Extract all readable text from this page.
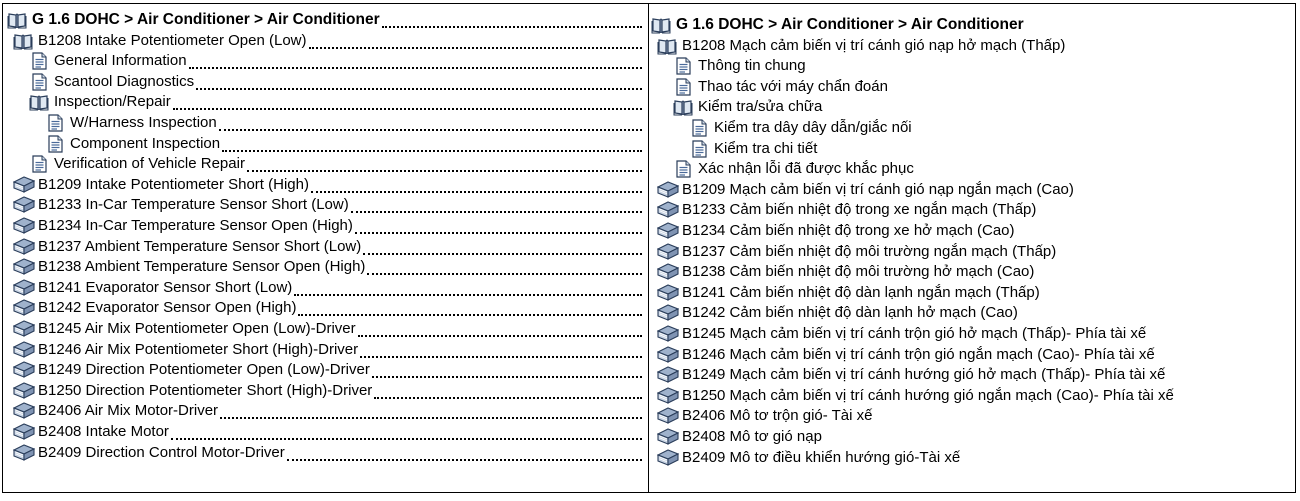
G 1.6 DOHC > Air Conditioner > Air Conditioner
B1208 Intake Potentiometer Open (Low)
General Information
Scantool Diagnostics
Inspection/Repair
W/Harness Inspection
Component Inspection
Verification of Vehicle Repair
B1209 Intake Potentiometer Short (High)
B1233 In-Car Temperature Sensor Short (Low)
B1234 In-Car Temperature Sensor Open (High)
B1237 Ambient Temperature Sensor Short (Low)
B1238 Ambient Temperature Sensor Open (High)
B1241 Evaporator Sensor Short (Low)
B1242 Evaporator Sensor Open (High)
B1245 Air Mix Potentiometer Open (Low)-Driver
B1246 Air Mix Potentiometer Short (High)-Driver
B1249 Direction Potentiometer Open (Low)-Driver
B1250 Direction Potentiometer Short (High)-Driver
B2406 Air Mix Motor-Driver
B2408 Intake Motor
B2409 Direction Control Motor-Driver
G 1.6 DOHC > Air Conditioner > Air Conditioner
B1208 Mạch cảm biến vị trí cánh gió nạp hở mạch (Thấp)
Thông tin chung
Thao tác với máy chẩn đoán
Kiểm tra/sửa chữa
Kiểm tra dây dây dẫn/giắc nối
Kiểm tra chi tiết
Xác nhận lỗi đã được khắc phục
B1209 Mạch cảm biến vị trí cánh gió nạp ngắn mạch (Cao)
B1233 Cảm biến nhiệt độ trong xe ngắn mạch (Thấp)
B1234 Cảm biến nhiệt độ trong xe hở mạch (Cao)
B1237 Cảm biến nhiệt độ môi trường ngắn mạch (Thấp)
B1238 Cảm biến nhiệt độ môi trường hở mạch (Cao)
B1241 Cảm biến nhiệt độ dàn lạnh ngắn mạch (Thấp)
B1242 Cảm biến nhiệt độ dàn lạnh hở mạch (Cao)
B1245 Mạch cảm biến vị trí cánh trộn gió hở mạch (Thấp)- Phía tài xế
B1246 Mạch cảm biến vị trí cánh trộn gió ngắn mạch (Cao)- Phía tài xế
B1249 Mạch cảm biến vị trí cánh hướng gió hở mạch (Thấp)- Phía tài xế
B1250 Mạch cảm biến vị trí cánh hướng gió ngắn mạch (Cao)- Phía tài xế
B2406 Mô tơ trộn gió- Tài xế
B2408 Mô tơ gió nạp
B2409 Mô tơ điều khiển hướng gió-Tài xế
